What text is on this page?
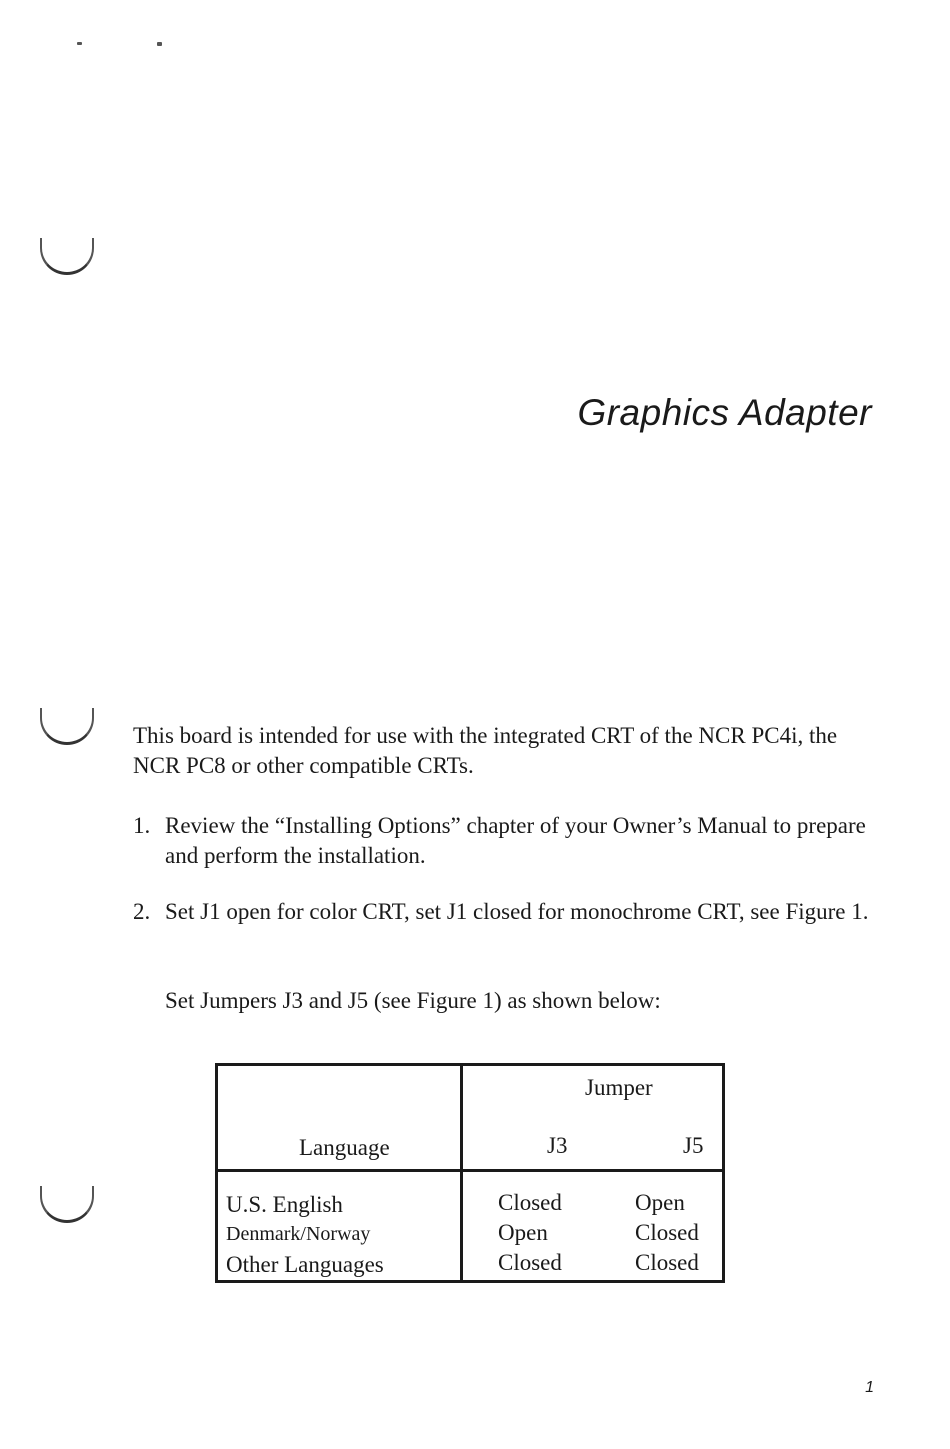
Graphics Adapter

This board is intended for use with the integrated CRT of the NCR PC4i, the NCR PC8 or other compatible CRTs.

1. Review the “Installing Options” chapter of your Owner’s Manual to prepare and perform the installation.
2. Set J1 open for color CRT, set J1 closed for monochrome CRT, see Figure 1.
Set Jumpers J3 and J5 (see Figure 1) as shown below:
Jumper
Language	J3	J5
U.S. English	Closed	Open
Denmark/Norway	Open	Closed
Other Languages	Closed	Closed
1
